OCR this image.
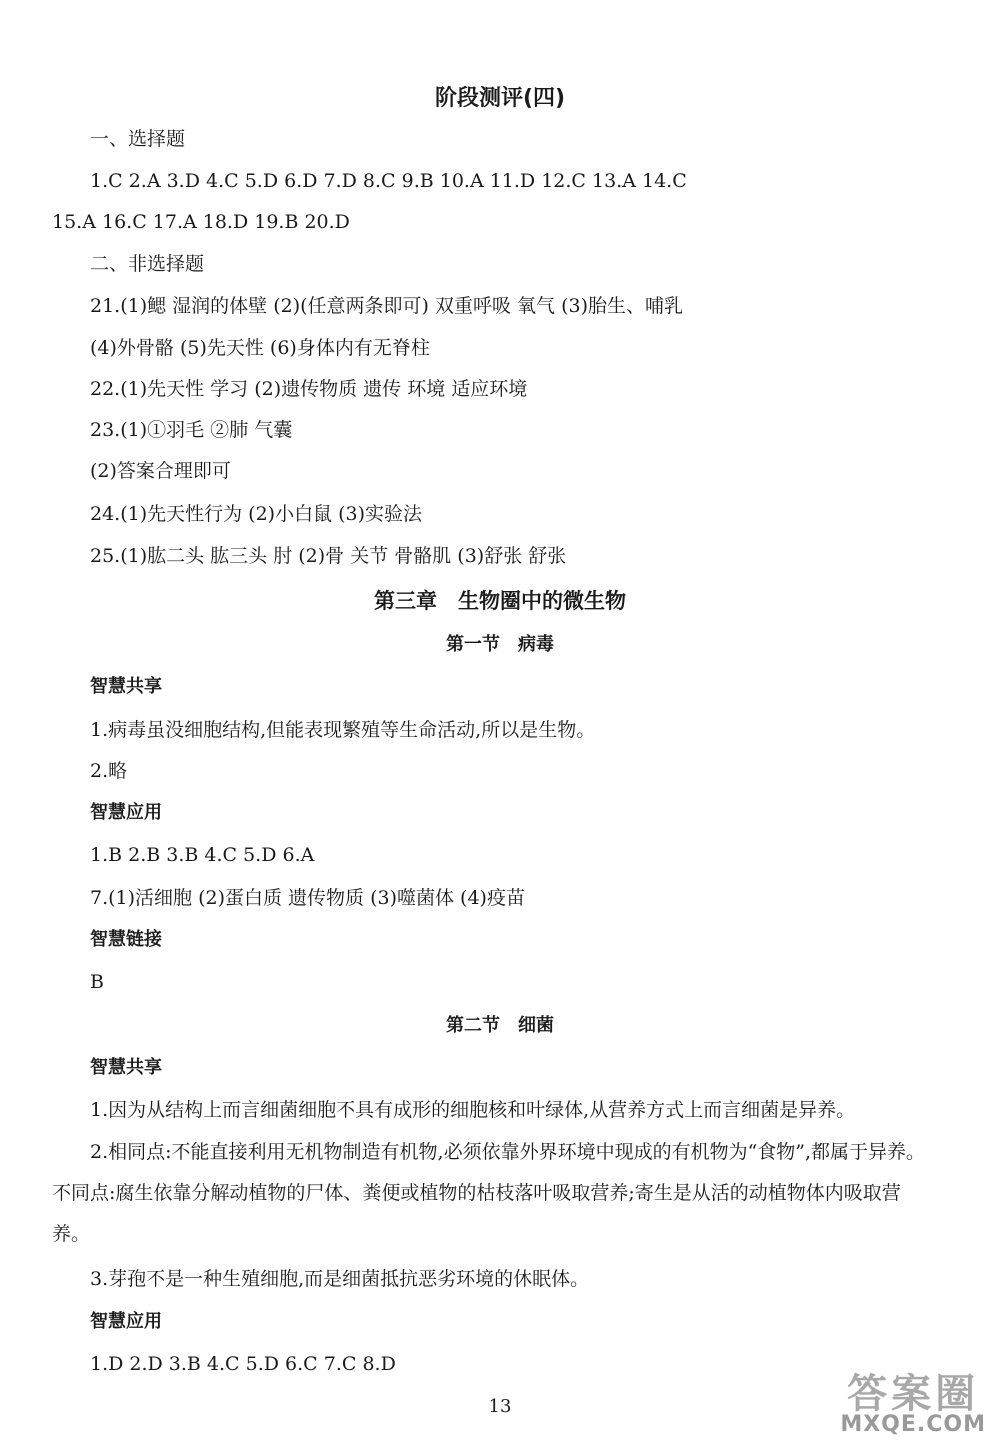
阶段测评(四)
一、选择题
1.C 2.A 3.D 4.C 5.D 6.D 7.D 8.C 9.B 10.A 11.D 12.C 13.A 14.C
15.A 16.C 17.A 18.D 19.B 20.D
二、非选择题
21.(1)鳃 湿润的体壁 (2)(任意两条即可) 双重呼吸 氧气 (3)胎生、哺乳
(4)外骨骼 (5)先天性 (6)身体内有无脊柱
22.(1)先天性 学习 (2)遗传物质 遗传 环境 适应环境
23.(1)①羽毛 ②肺 气囊
(2)答案合理即可
24.(1)先天性行为 (2)小白鼠 (3)实验法
25.(1)肱二头 肱三头 肘 (2)骨 关节 骨骼肌 (3)舒张 舒张
第三章　生物圈中的微生物
第一节　病毒
智慧共享
1.病毒虽没细胞结构,但能表现繁殖等生命活动,所以是生物。
2.略
智慧应用
1.B 2.B 3.B 4.C 5.D 6.A
7.(1)活细胞 (2)蛋白质 遗传物质 (3)噬菌体 (4)疫苗
智慧链接
B
第二节　细菌
智慧共享
1.因为从结构上而言细菌细胞不具有成形的细胞核和叶绿体,从营养方式上而言细菌是异养。
2.相同点:不能直接利用无机物制造有机物,必须依靠外界环境中现成的有机物为“食物”,都属于异养。不同点:腐生依靠分解动植物的尸体、粪便或植物的枯枝落叶吸取营养;寄生是从活的动植物体内吸取营养。
3.芽孢不是一种生殖细胞,而是细菌抵抗恶劣环境的休眠体。
智慧应用
1.D 2.D 3.B 4.C 5.D 6.C 7.C 8.D
13	答案圈
MXQE.COM
